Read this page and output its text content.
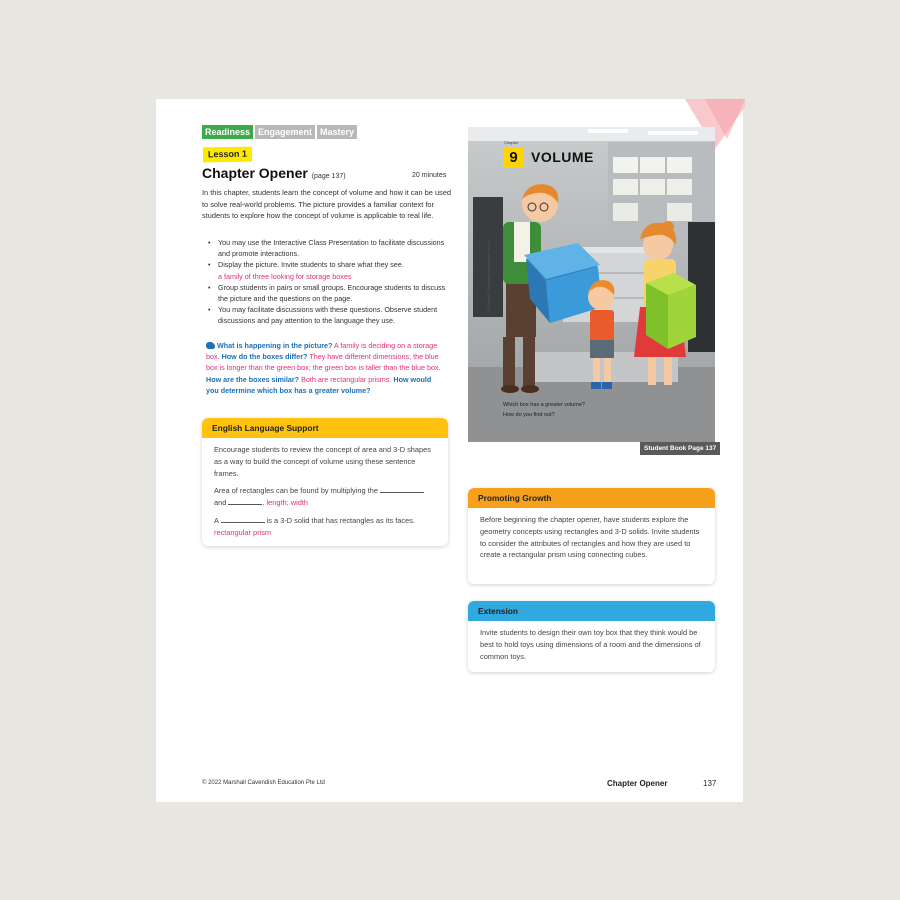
Readiness Engagement Mastery
Lesson 1
Chapter Opener (page 137)	20 minutes
In this chapter, students learn the concept of volume and how it can be used to solve real-world problems. The picture provides a familiar context for students to explore how the concept of volume is applicable to real life.
• You may use the Interactive Class Presentation to facilitate discussions and promote interactions.
• Display the picture. Invite students to share what they see.
a family of three looking for storage boxes
• Group students in pairs or small groups. Encourage students to discuss the picture and the questions on the page.
• You may facilitate discussions with these questions. Observe student discussions and pay attention to the language they use.
What is happening in the picture? A family is deciding on a storage box. How do the boxes differ? They have different dimensions; the blue box is longer than the green box; the green box is taller than the blue box. How are the boxes similar? Both are rectangular prisms. How would you determine which box has a greater volume?
English Language Support

Encourage students to review the concept of area and 3-D shapes as a way to build the concept of volume using these sentence frames.

Area of rectangles can be found by multiplying the
and	. length; width

A	is a 3-D solid that has rectangles as its faces.
rectangular prism

Chapter
9 VOLUME
Which box has a greater volume?
How do you find out?
© Marshall Cavendish Education Pte Ltd
Student Book Page 137
Promoting Growth
Before beginning the chapter opener, have students explore the geometry concepts using rectangles and 3-D solids. Invite students to consider the attributes of rectangles and how they are used to create a rectangular prism using connecting cubes.
Extension
Invite students to design their own toy box that they think would be best to hold toys using dimensions of a room and the dimensions of common toys.
© 2022 Marshall Cavendish Education Pte Ltd	Chapter Opener	137
